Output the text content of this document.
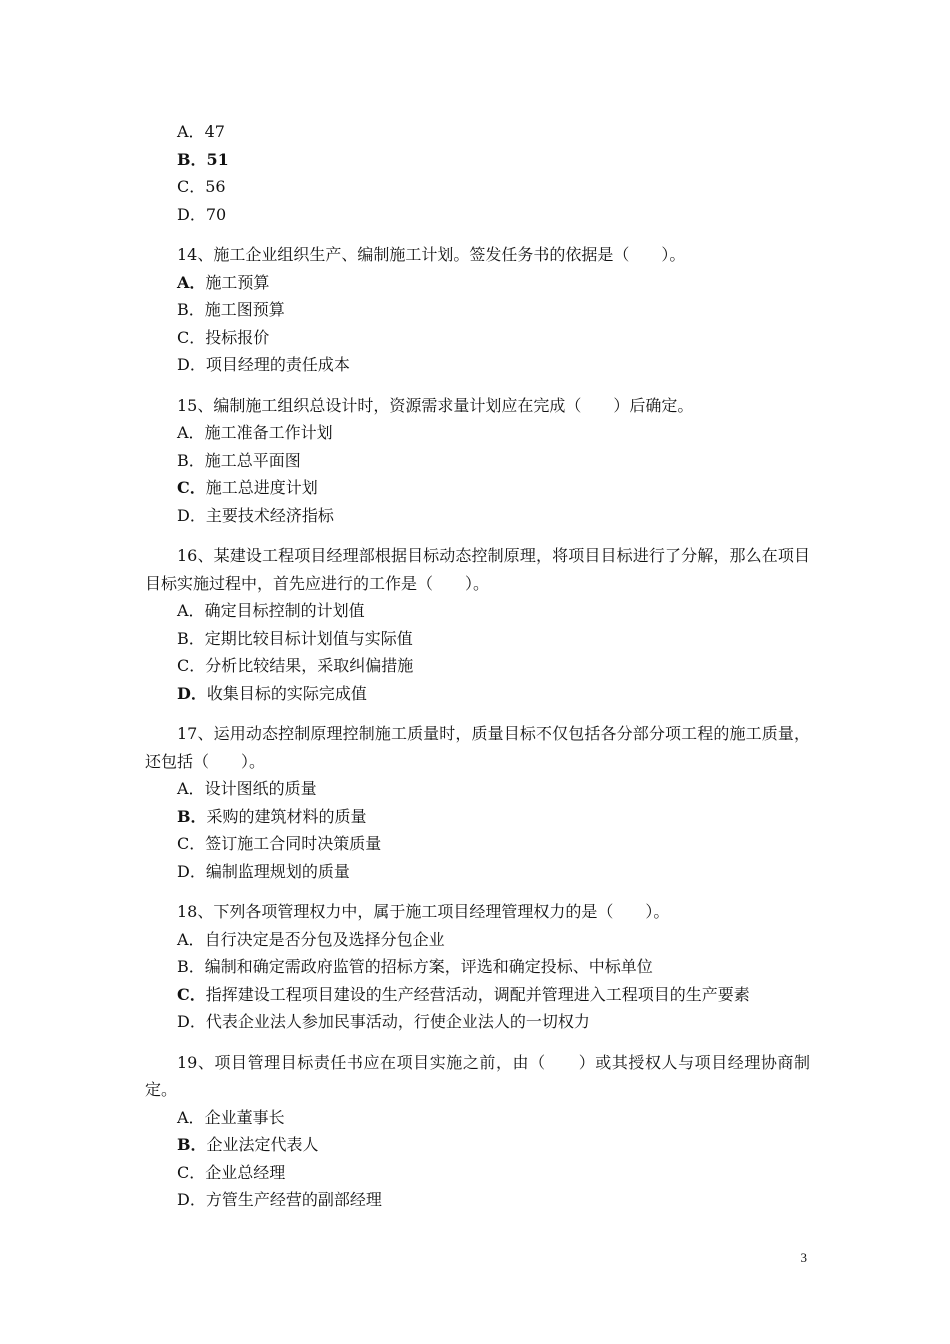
A．47
B．51
C．56
D．70
14、施工企业组织生产、编制施工计划。签发任务书的依据是（　　）。
A．施工预算
B．施工图预算
C．投标报价
D．项目经理的责任成本
15、编制施工组织总设计时，资源需求量计划应在完成（　　）后确定。
A．施工准备工作计划
B．施工总平面图
C．施工总进度计划
D．主要技术经济指标
16、某建设工程项目经理部根据目标动态控制原理，将项目目标进行了分解，那么在项目目标实施过程中，首先应进行的工作是（　　）。
A．确定目标控制的计划值
B．定期比较目标计划值与实际值
C．分析比较结果，采取纠偏措施
D．收集目标的实际完成值
17、运用动态控制原理控制施工质量时，质量目标不仅包括各分部分项工程的施工质量，还包括（　　）。
A．设计图纸的质量
B．采购的建筑材料的质量
C．签订施工合同时决策质量
D．编制监理规划的质量
18、下列各项管理权力中，属于施工项目经理管理权力的是（　　）。
A．自行决定是否分包及选择分包企业
B．编制和确定需政府监管的招标方案，评选和确定投标、中标单位
C．指挥建设工程项目建设的生产经营活动，调配并管理进入工程项目的生产要素
D．代表企业法人参加民事活动，行使企业法人的一切权力
19、项目管理目标责任书应在项目实施之前，由（　　）或其授权人与项目经理协商制定。
A．企业董事长
B．企业法定代表人
C．企业总经理
D．方管生产经营的副部经理
3
